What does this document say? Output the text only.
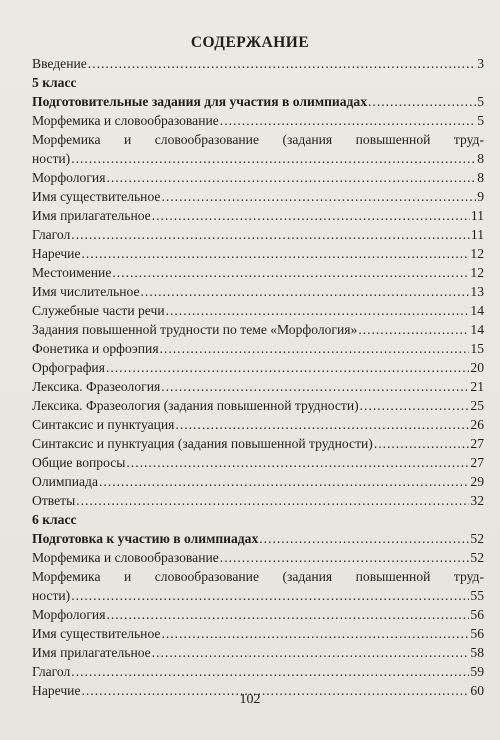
СОДЕРЖАНИЕ
Введение .....	3
5 класс
Подготовительные задания для участия в олимпиадах .....	5
Морфемика и словообразование .....	5
Морфемика и словообразование (задания повышенной труд-
ности) .....	8
Морфология .....	8
Имя существительное .....	9
Имя прилагательное .....	11
Глагол .....	11
Наречие .....	12
Местоимение .....	12
Имя числительное .....	13
Служебные части речи .....	14
Задания повышенной трудности по теме «Морфология» .....	14
Фонетика и орфоэпия .....	15
Орфография .....	20
Лексика. Фразеология .....	21
Лексика. Фразеология (задания повышенной трудности) .....	25
Синтаксис и пунктуация .....	26
Синтаксис и пунктуация (задания повышенной трудности) .....	27
Общие вопросы .....	27
Олимпиада .....	29
Ответы .....	32
6 класс
Подготовка к участию в олимпиадах .....	52
Морфемика и словообразование .....	52
Морфемика и словообразование (задания повышенной труд-
ности) .....	55
Морфология .....	56
Имя существительное .....	56
Имя прилагательное .....	58
Глагол .....	59
Наречие .....	60
102
